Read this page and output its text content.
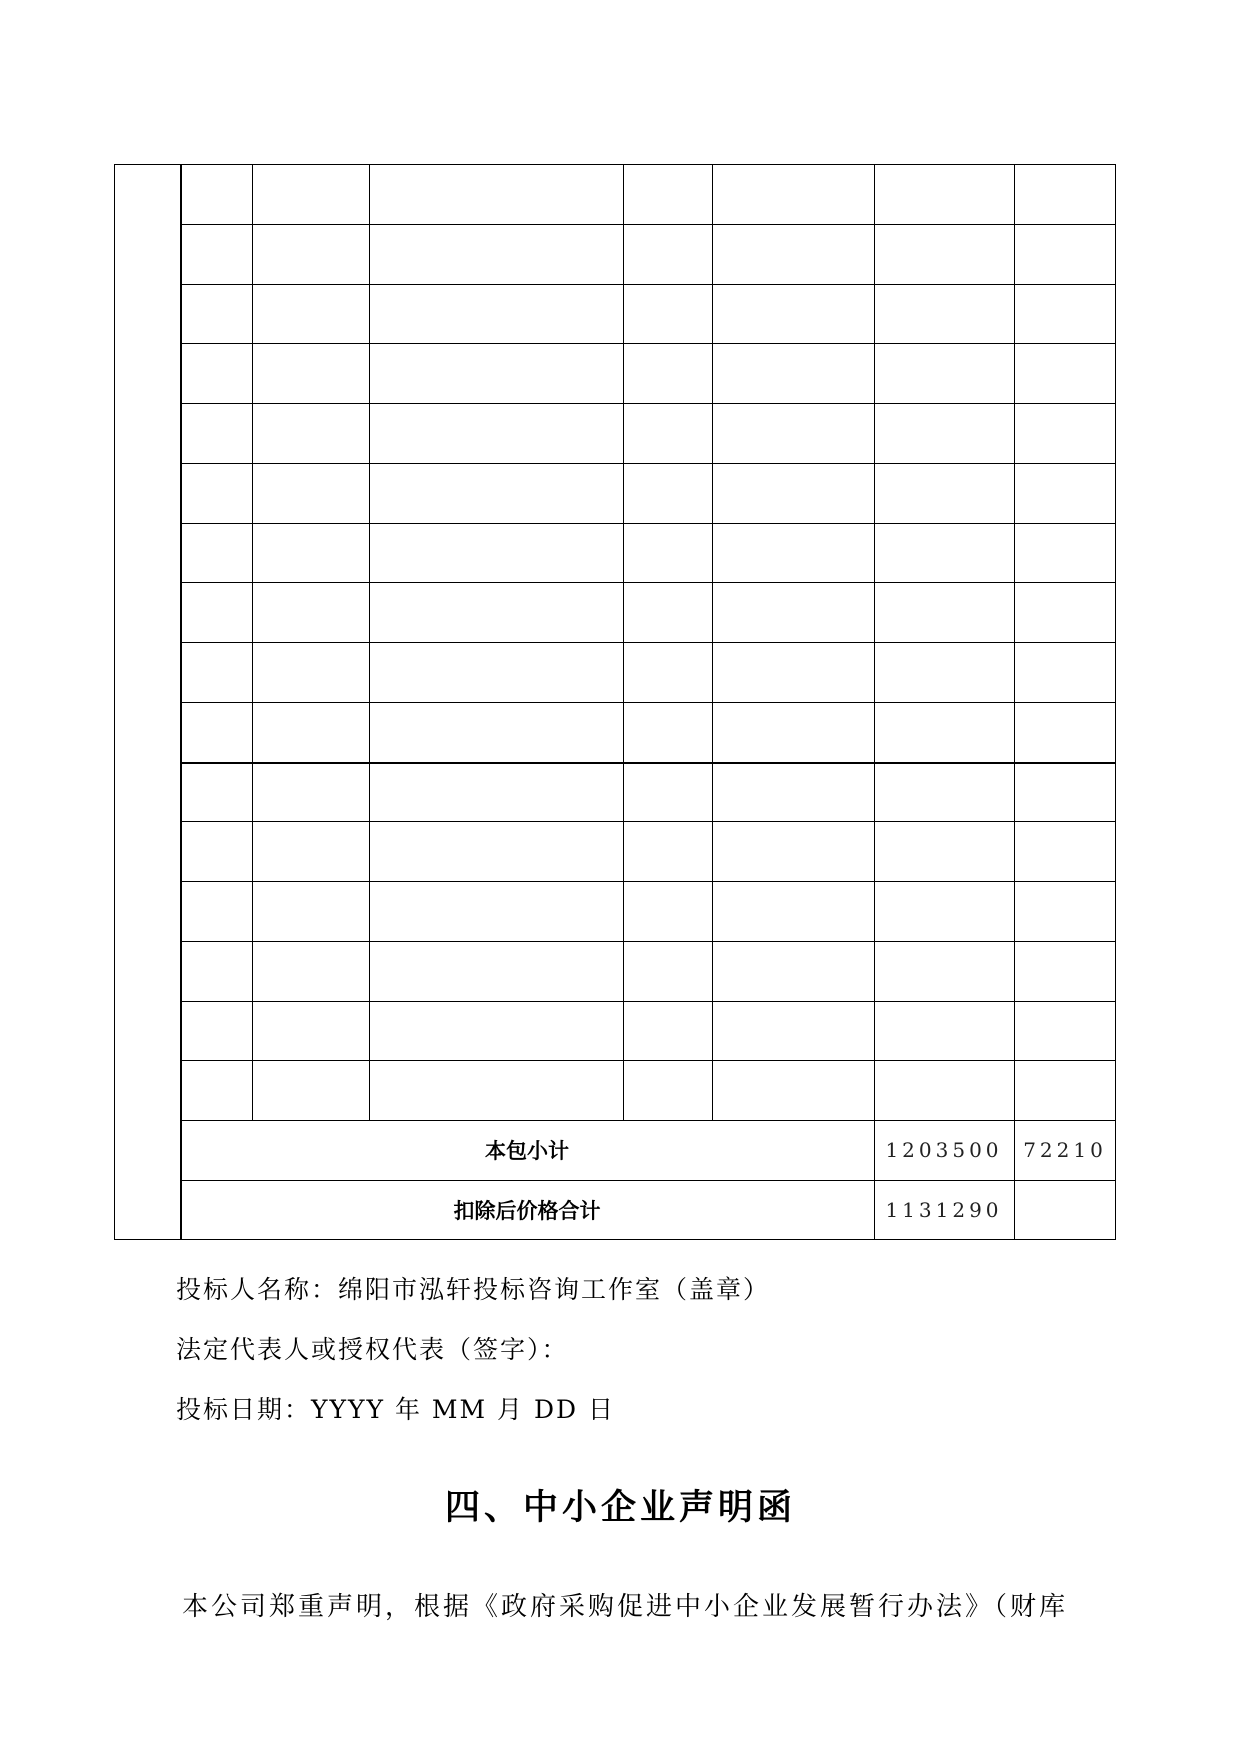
本包小计	1203500	72210
扣除后价格合计	1131290
投标人名称：绵阳市泓轩投标咨询工作室（盖章）
法定代表人或授权代表（签字）：
投标日期：YYYY 年 MM 月 DD 日
四、中小企业声明函
本公司郑重声明，根据《政府采购促进中小企业发展暂行办法》（财库
